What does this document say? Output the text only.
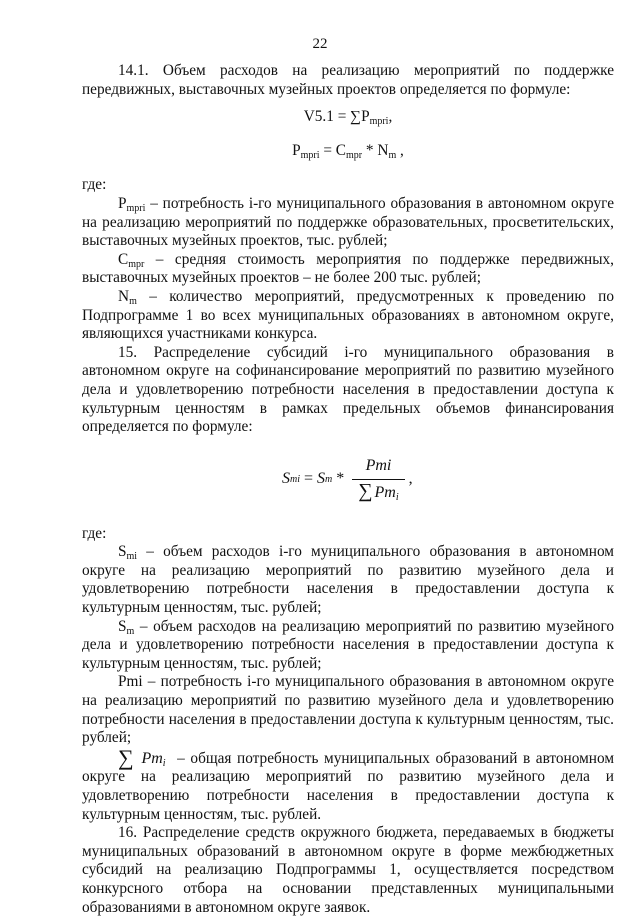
22

14.1. Объем расходов на реализацию мероприятий по поддержке передвижных, выставочных музейных проектов определяется по формуле:

$V5.1 = \sum P_{mpri}$,
$P_{mpri} = C_{mpr} * N_m$ ,

где:

$P_{mpri}$ – потребность i-го муниципального образования в автономном округе на реализацию мероприятий по поддержке образовательных, просветительских, выставочных музейных проектов, тыс. рублей;

$C_{mpr}$ – средняя стоимость мероприятия по поддержке передвижных, выставочных музейных проектов – не более 200 тыс. рублей;

$N_m$ – количество мероприятий, предусмотренных к проведению по Подпрограмме 1 во всех муниципальных образованиях в автономном округе, являющихся участниками конкурса.

15. Распределение субсидий i-го муниципального образования в автономном округе на софинансирование мероприятий по развитию музейного дела и удовлетворению потребности населения в предоставлении доступа к культурным ценностям в рамках предельных объемов финансирования определяется по формуле:

S mi = S m * $\frac{\text{Pmi}}{\sum Pm_i}$ ,

где:

$S_{mi}$ – объем расходов i-го муниципального образования в автономном округе на реализацию мероприятий по развитию музейного дела и удовлетворению потребности населения в предоставлении доступа к культурным ценностям, тыс. рублей;

$S_m$ – объем расходов на реализацию мероприятий по развитию музейного дела и удовлетворению потребности населения в предоставлении доступа к культурным ценностям, тыс. рублей;

Pmi – потребность i-го муниципального образования в автономном округе на реализацию мероприятий по развитию музейного дела и удовлетворению потребности населения в предоставлении доступа к культурным ценностям, тыс. рублей;

∑ $Pm_i$ – общая потребность муниципальных образований в автономном округе на реализацию мероприятий по развитию музейного дела и удовлетворению потребности населения в предоставлении доступа к культурным ценностям, тыс. рублей.

16. Распределение средств окружного бюджета, передаваемых в бюджеты муниципальных образований в автономном округе в форме межбюджетных субсидий на реализацию Подпрограммы 1, осуществляется посредством конкурсного отбора на основании представленных муниципальными образованиями в автономном округе заявок.
